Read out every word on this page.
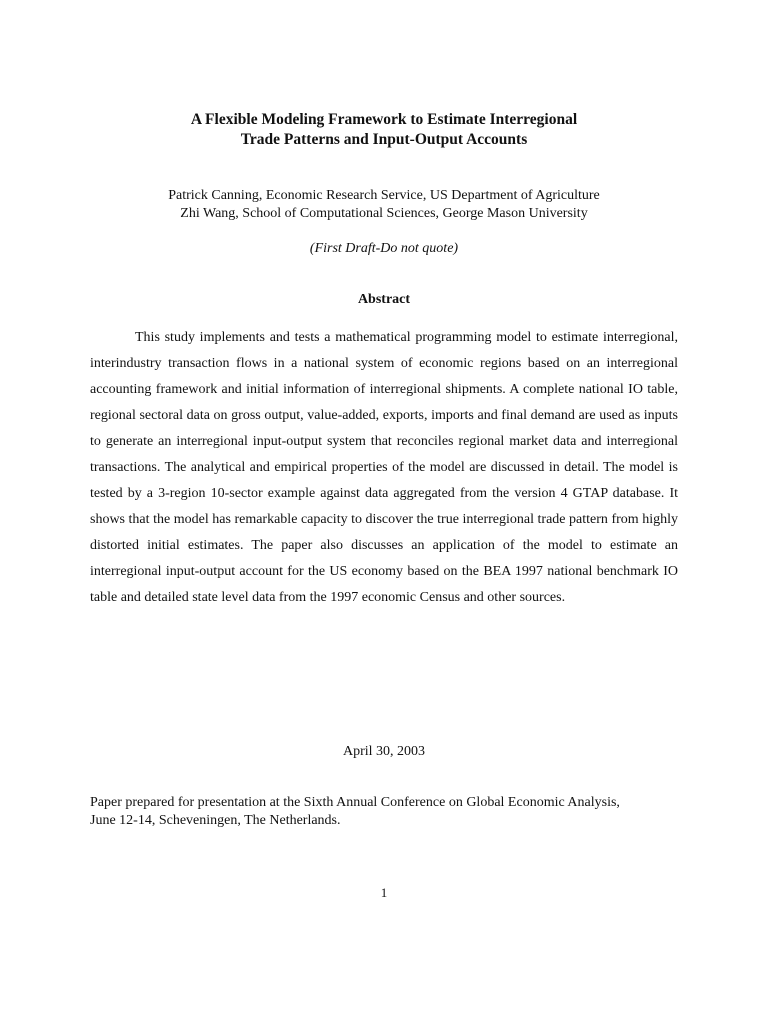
A Flexible Modeling Framework to Estimate Interregional
Trade Patterns and Input-Output Accounts
Patrick Canning, Economic Research Service, US Department of Agriculture
Zhi Wang, School of Computational Sciences, George Mason University
(First Draft-Do not quote)
Abstract

This study implements and tests a mathematical programming model to estimate interregional, interindustry transaction flows in a national system of economic regions based on an interregional accounting framework and initial information of interregional shipments. A complete national IO table, regional sectoral data on gross output, value-added, exports, imports and final demand are used as inputs to generate an interregional input-output system that reconciles regional market data and interregional transactions. The analytical and empirical properties of the model are discussed in detail. The model is tested by a 3-region 10-sector example against data aggregated from the version 4 GTAP database. It shows that the model has remarkable capacity to discover the true interregional trade pattern from highly distorted initial estimates. The paper also discusses an application of the model to estimate an interregional input-output account for the US economy based on the BEA 1997 national benchmark IO table and detailed state level data from the 1997 economic Census and other sources.

April 30, 2003
Paper prepared for presentation at the Sixth Annual Conference on Global Economic Analysis,
June 12-14, Scheveningen, The Netherlands.
1
